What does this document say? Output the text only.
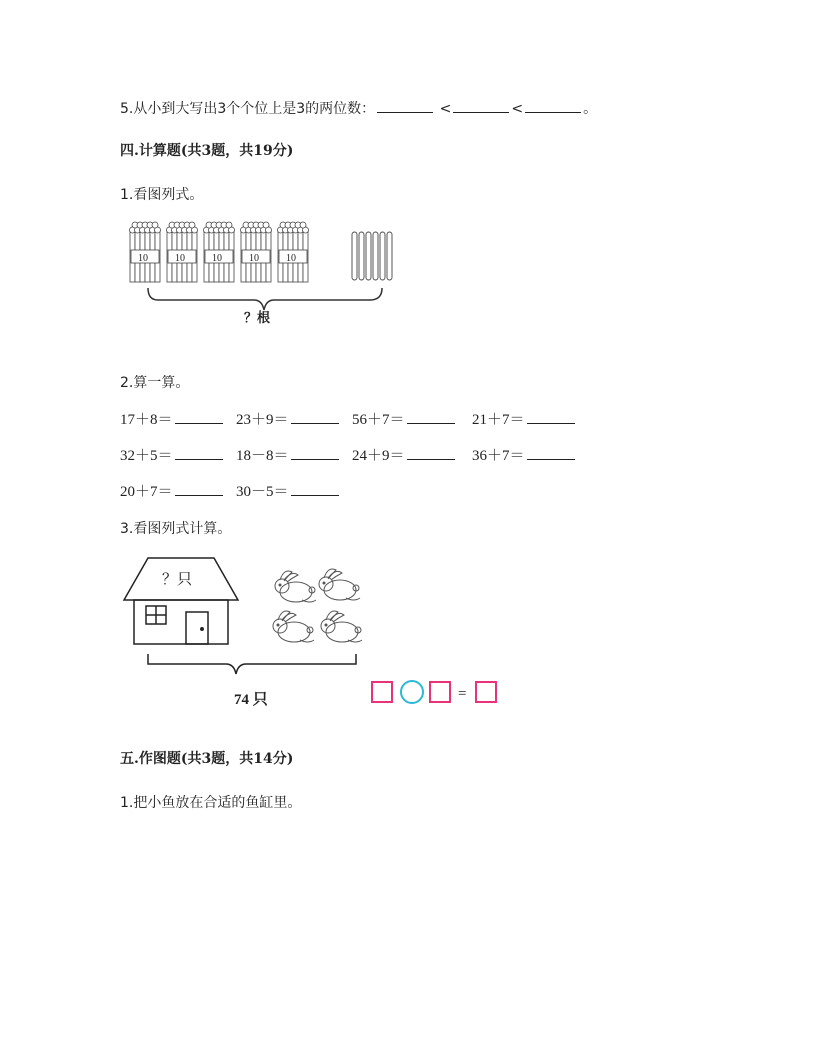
5.从小到大写出3个个位上是3的两位数：	<	<	。
四.计算题(共3题，共19分)
1.看图列式。
10	10	10	10	10
？根
2.算一算。
17＋8＝	23＋9＝	56＋7＝	21＋7＝
32＋5＝	18－8＝	24＋9＝	36＋7＝
20＋7＝	30－5＝
3.看图列式计算。
？只
74 只	=
五.作图题(共3题，共14分)
1.把小鱼放在合适的鱼缸里。
